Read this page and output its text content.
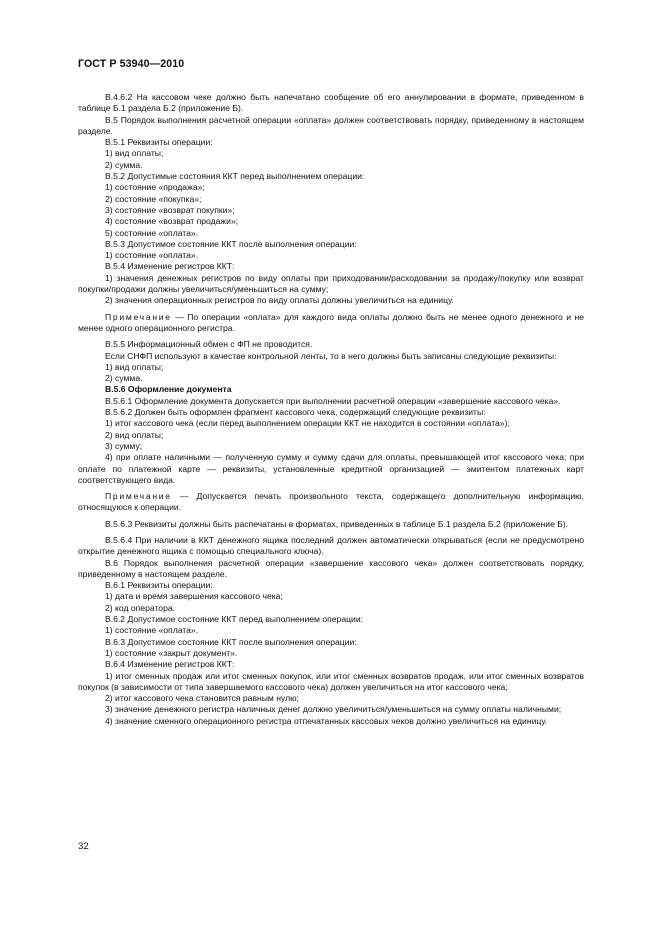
ГОСТ Р 53940—2010

В.4.6.2 На кассовом чеке должно быть напечатано сообщение об его аннулировании в формате, приведенном в таблице Б.1 раздела Б.2 (приложение Б).

В.5 Порядок выполнения расчетной операции «оплата» должен соответствовать порядку, приведенному в настоящем разделе.

В.5.1 Реквизиты операции:

1) вид оплаты;

2) сумма.

В.5.2 Допустимые состояния ККТ перед выполнением операции:

1) состояние «продажа»;

2) состояние «покупка»;

3) состояние «возврат покупки»;

4) состояние «возврат продажи»;

5) состояние «оплата».

В.5.3 Допустимое состояние ККТ после выполнения операции:

1) состояние «оплата».

В.5.4 Изменение регистров ККТ:

1) значения денежных регистров по виду оплаты при приходовании/расходовании за продажу/покупку или возврат покупки/продажи должны увеличиться/уменьшиться на сумму;

2) значения операционных регистров по виду оплаты должны увеличиться на единицу.

Примечание — По операции «оплата» для каждого вида оплаты должно быть не менее одного денежного и не менее одного операционного регистра.

В.5.5 Информационный обмен с ФП не проводится.

Если СНФП используют в качестве контрольной ленты, то в него должны быть записаны следующие реквизиты:

1) вид оплаты;

2) сумма.

В.5.6 Оформление документа

В.5.6.1 Оформление документа допускается при выполнении расчетной операции «завершение кассового чека».

В.5.6.2 Должен быть оформлен фрагмент кассового чека, содержащий следующие реквизиты:

1) итог кассового чека (если перед выполнением операции ККТ не находится в состоянии «оплата»);

2) вид оплаты;

3) сумму;

4) при оплате наличными — полученную сумму и сумму сдачи для оплаты, превышающей итог кассового чека; при оплате по платежной карте — реквизиты, установленные кредитной организацией — эмитентом платежных карт соответствующего вида.

Примечание — Допускается печать произвольного текста, содержащего дополнительную информацию, относящуюся к операции.

В.5.6.3 Реквизиты должны быть распечатаны в форматах, приведенных в таблице Б.1 раздела Б.2 (приложение Б).

В.5.6.4 При наличии в ККТ денежного ящика последний должен автоматически открываться (если не предусмотрено открытие денежного ящика с помощью специального ключа).

В.6 Порядок выполнения расчетной операции «завершение кассового чека» должен соответствовать порядку, приведенному в настоящем разделе.

В.6.1 Реквизиты операции:

1) дата и время завершения кассового чека;

2) код оператора.

В.6.2 Допустимое состояние ККТ перед выполнением операции:

1) состояние «оплата».

В.6.3 Допустимое состояние ККТ после выполнения операции:

1) состояние «закрыт документ».

В.6.4 Изменение регистров ККТ:

1) итог сменных продаж или итог сменных покупок, или итог сменных возвратов продаж, или итог сменных возвратов покупок (в зависимости от типа завершаемого кассового чека) должен увеличиться на итог кассового чека;

2) итог кассового чека становится равным нулю;

3) значение денежного регистра наличных денег должно увеличиться/уменьшиться на сумму оплаты наличными;

4) значение сменного операционного регистра отпечатанных кассовых чеков должно увеличиться на единицу.

32
